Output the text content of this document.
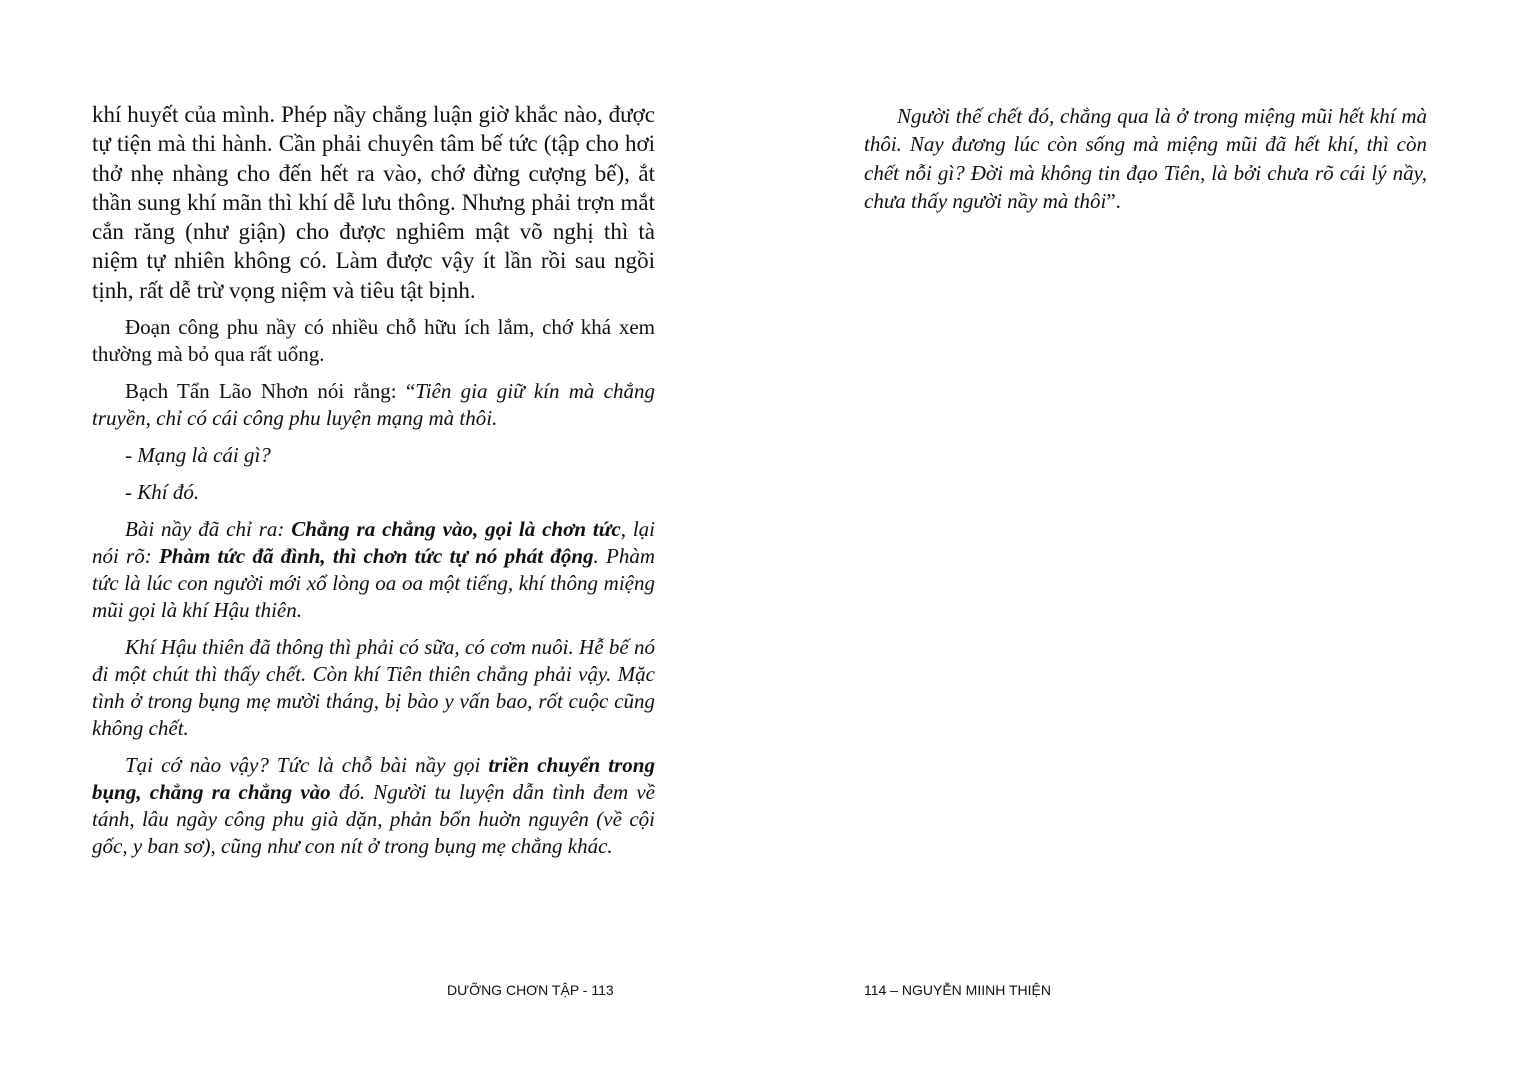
khí huyết của mình. Phép nầy chẳng luận giờ khắc nào, được tự tiện mà thi hành. Cần phải chuyên tâm bế tức (tập cho hơi thở nhẹ nhàng cho đến hết ra vào, chớ đừng cượng bế), ắt thần sung khí mãn thì khí dễ lưu thông. Nhưng phải trợn mắt cắn răng (như giận) cho được nghiêm mật võ nghị thì tà niệm tự nhiên không có. Làm được vậy ít lần rồi sau ngồi tịnh, rất dễ trừ vọng niệm và tiêu tật bịnh.

Đoạn công phu nầy có nhiều chỗ hữu ích lắm, chớ khá xem thường mà bỏ qua rất uổng.

Bạch Tẩn Lão Nhơn nói rằng: “Tiên gia giữ kín mà chẳng truyền, chỉ có cái công phu luyện mạng mà thôi.

- Mạng là cái gì?

- Khí đó.

Bài nầy đã chỉ ra: Chẳng ra chẳng vào, gọi là chơn tức, lại nói rõ: Phàm tức đã đình, thì chơn tức tự nó phát động. Phàm tức là lúc con người mới xổ lòng oa oa một tiếng, khí thông miệng mũi gọi là khí Hậu thiên.

Khí Hậu thiên đã thông thì phải có sữa, có cơm nuôi. Hễ bế nó đi một chút thì thấy chết. Còn khí Tiên thiên chẳng phải vậy. Mặc tình ở trong bụng mẹ mười tháng, bị bào y vấn bao, rốt cuộc cũng không chết.

Tại cớ nào vậy? Tức là chỗ bài nầy gọi triền chuyển trong bụng, chẳng ra chẳng vào đó. Người tu luyện dẫn tình đem về tánh, lâu ngày công phu già dặn, phản bổn huờn nguyên (về cội gốc, y ban sơ), cũng như con nít ở trong bụng mẹ chẳng khác.

DƯỠNG CHƠN TẬP - 113

Người thế chết đó, chẳng qua là ở trong miệng mũi hết khí mà thôi. Nay đương lúc còn sống mà miệng mũi đã hết khí, thì còn chết nỗi gì? Đời mà không tin đạo Tiên, là bởi chưa rõ cái lý nầy, chưa thấy người nầy mà thôi”.

114 – NGUYỄN MIINH THIỆN
